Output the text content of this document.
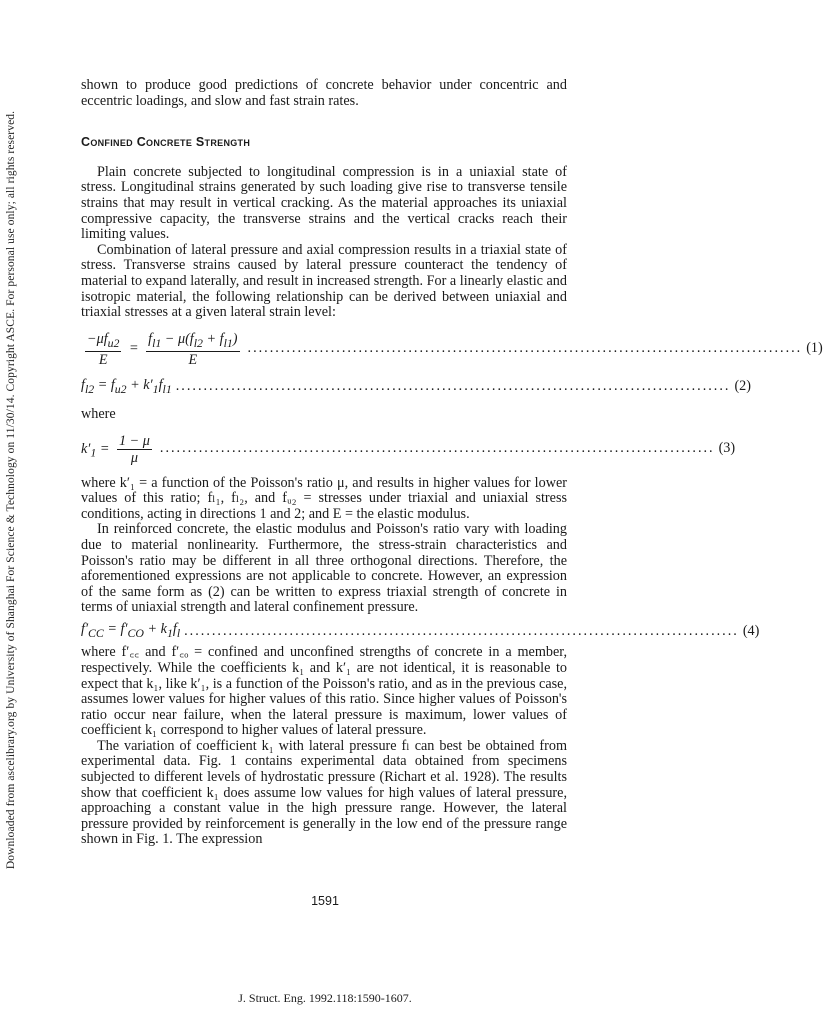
Downloaded from ascelibrary.org by University of Shanghai For Science & Technology on 11/30/14. Copyright ASCE. For personal use only; all rights reserved.

shown to produce good predictions of concrete behavior under concentric and eccentric loadings, and slow and fast strain rates.

Confined Concrete Strength

Plain concrete subjected to longitudinal compression is in a uniaxial state of stress. Longitudinal strains generated by such loading give rise to transverse tensile strains that may result in vertical cracking. As the material approaches its uniaxial compressive capacity, the transverse strains and the vertical cracks reach their limiting values.

Combination of lateral pressure and axial compression results in a triaxial state of stress. Transverse strains caused by lateral pressure counteract the tendency of material to expand laterally, and result in increased strength. For a linearly elastic and isotropic material, the following relationship can be derived between uniaxial and triaxial stresses at a given lateral strain level:

$\frac{-\mu f_{u2}}{E} = \frac{f_{l1} - \mu(f_{l2} + f_{l1})}{E}$ .................................................................................................... (1)
$f_{l2} = f_{u2} + k'_1f_{l1}$ .................................................................................................... (2)

where

$k'_1 = \frac{1 - \mu}{\mu}$ .................................................................................................... (3)

where k′₁ = a function of the Poisson's ratio μ, and results in higher values for lower values of this ratio; fₗ₁, fₗ₂, and fᵤ₂ = stresses under triaxial and uniaxial stress conditions, acting in directions 1 and 2; and E = the elastic modulus.

In reinforced concrete, the elastic modulus and Poisson's ratio vary with loading due to material nonlinearity. Furthermore, the stress-strain characteristics and Poisson's ratio may be different in all three orthogonal directions. Therefore, the aforementioned expressions are not applicable to concrete. However, an expression of the same form as (2) can be written to express triaxial strength of concrete in terms of uniaxial strength and lateral confinement pressure.

$f'_{CC} = f'_{CO} + k_1f_l$ .................................................................................................... (4)

where f′꜀꜀ and f′꜀ₒ = confined and unconfined strengths of concrete in a member, respectively. While the coefficients k₁ and k′₁ are not identical, it is reasonable to expect that k₁, like k′₁, is a function of the Poisson's ratio, and as in the previous case, assumes lower values for higher values of this ratio. Since higher values of Poisson's ratio occur near failure, when the lateral pressure is maximum, lower values of coefficient k₁ correspond to higher values of lateral pressure.

The variation of coefficient k₁ with lateral pressure fₗ can best be obtained from experimental data. Fig. 1 contains experimental data obtained from specimens subjected to different levels of hydrostatic pressure (Richart et al. 1928). The results show that coefficient k₁ does assume low values for high values of lateral pressure, approaching a constant value in the high pressure range. However, the lateral pressure provided by reinforcement is generally in the low end of the pressure range shown in Fig. 1. The expression

1591
J. Struct. Eng. 1992.118:1590-1607.
